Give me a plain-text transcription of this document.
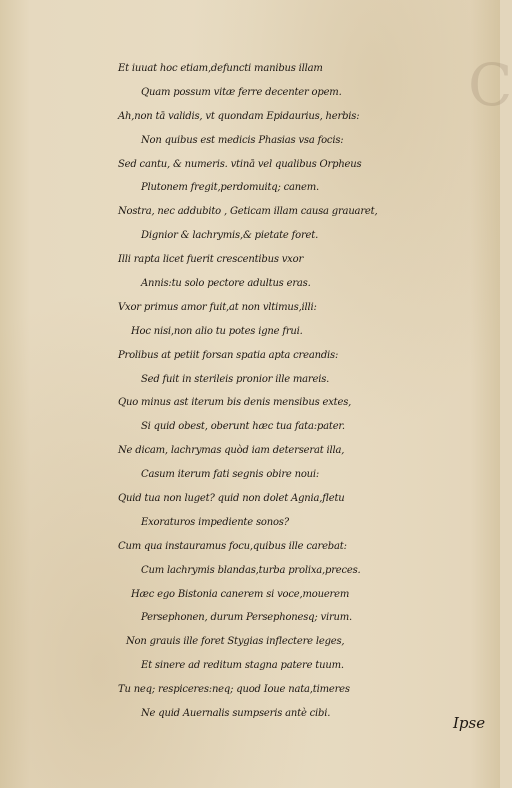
C
Et iuuat hoc etiam,defuncti manibus illam
Quam possum vitæ ferre decenter opem.
Ah,non tā validis, vt quondam Epidaurius, herbis:
Non quibus est medicis Phasias vsa focis:
Sed cantu, & numeris. vtinā vel qualibus Orpheus
Plutonem fregit,perdomuitq; canem.
Nostra, nec addubito , Geticam illam causa grauaret,
Dignior & lachrymis,& pietate foret.
Illi rapta licet fuerit crescentibus vxor
Annis:tu solo pectore adultus eras.
Vxor primus amor fuit,at non vltimus,illi:
Hoc nisi,non alio tu potes igne frui.
Prolibus at petiit forsan spatia apta creandis:
Sed fuit in sterileis pronior ille mareis.
Quo minus ast iterum bis denis mensibus extes,
Si quid obest, oberunt hæc tua fata:pater.
Ne dicam, lachrymas quòd iam deterserat illa,
Casum iterum fati segnis obire noui:
Quid tua non luget? quid non dolet Agnia,fletu
Exoraturos impediente sonos?
Cum qua instauramus focu,quibus ille carebat:
Cum lachrymis blandas,turba prolixa,preces.
Hæc ego Bistonia canerem si voce,mouerem
Persephonen, durum Persephonesq; virum.
Non grauis ille foret Stygias inflectere leges,
Et sinere ad reditum stagna patere tuum.
Tu neq; respiceres:neq; quod Ioue nata,timeres
Ne quid Auernalis sumpseris antè cibi.
Ipse
